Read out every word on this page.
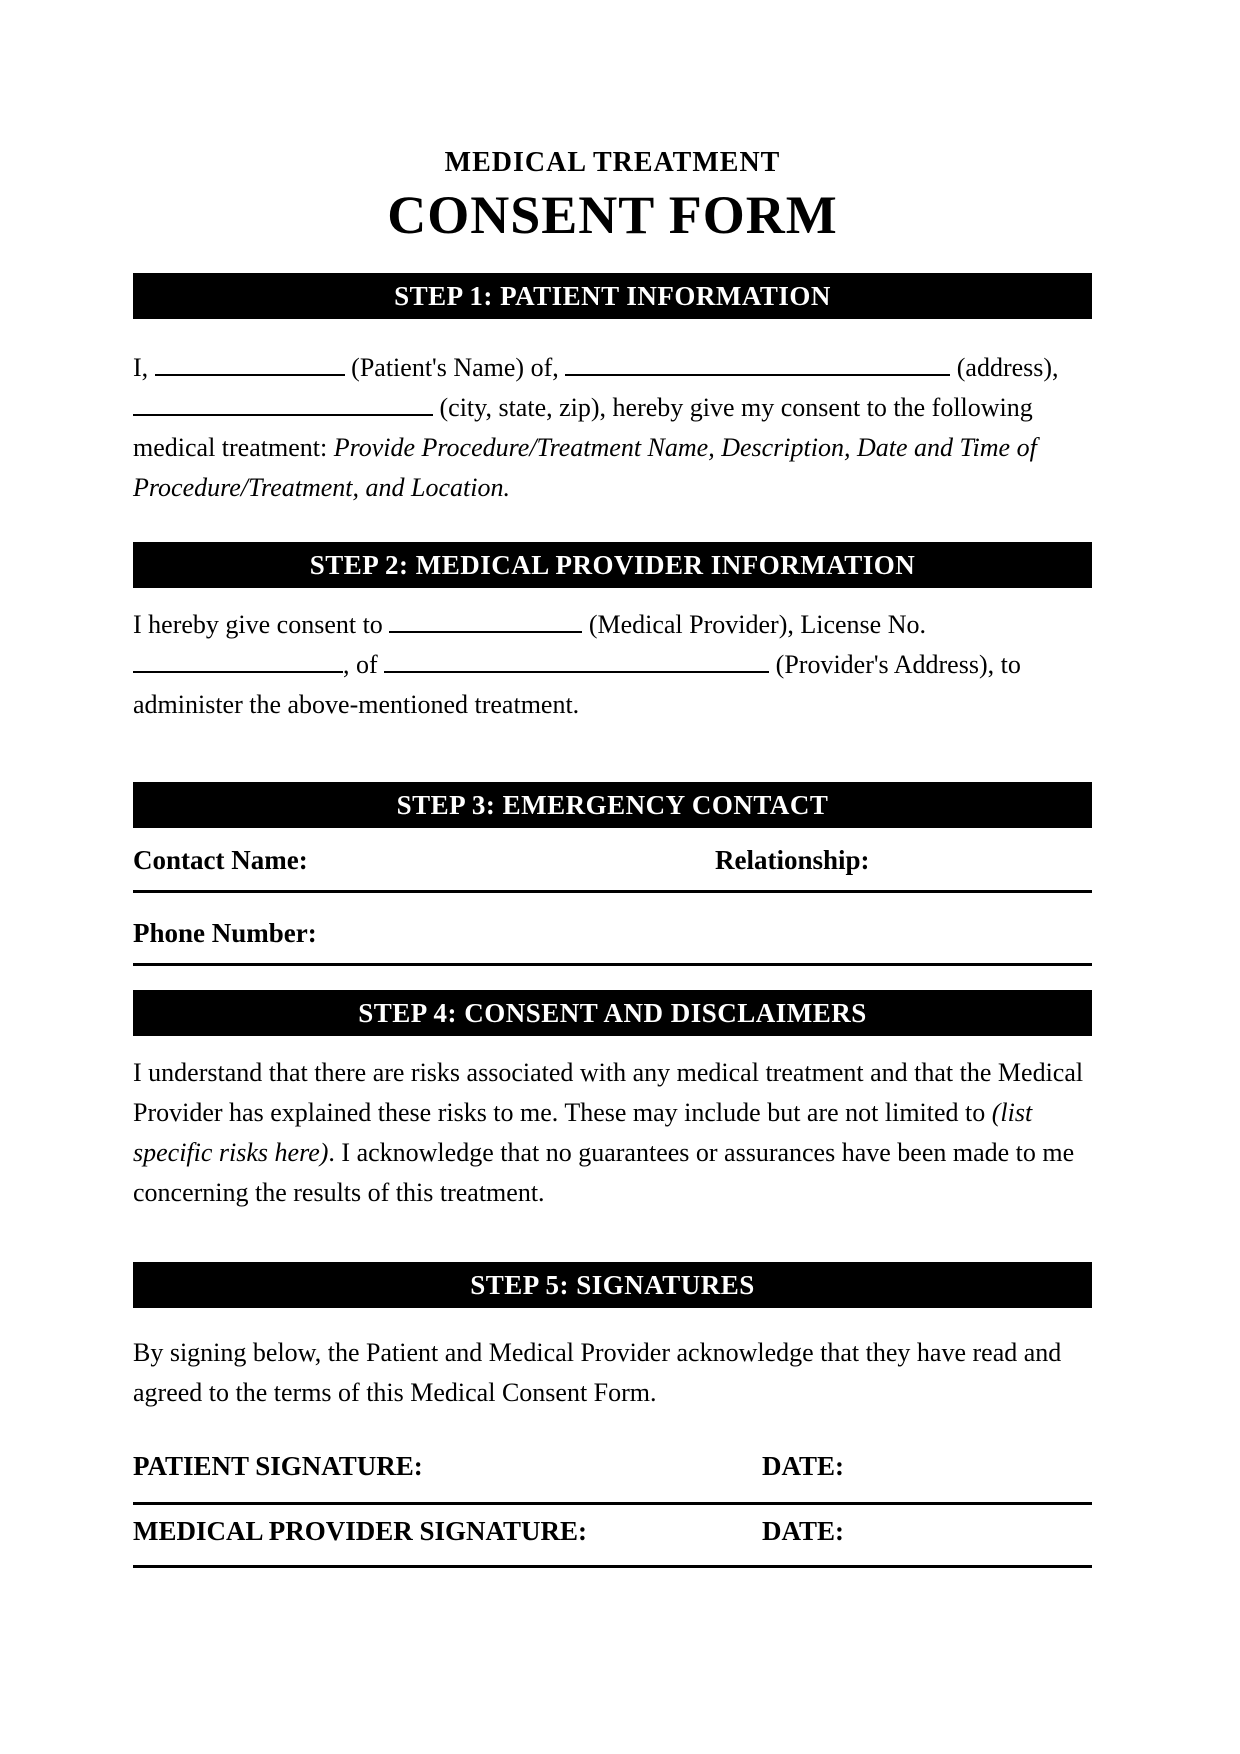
MEDICAL TREATMENT
CONSENT FORM
STEP 1: PATIENT INFORMATION
I,	(Patient's Name) of,	(address),  (city, state, zip), hereby give my consent to the following medical treatment: Provide Procedure/Treatment Name, Description, Date and Time of Procedure/Treatment, and Location.
STEP 2: MEDICAL PROVIDER INFORMATION
I hereby give consent to	(Medical Provider), License No. , of	(Provider's Address), to administer the above-mentioned treatment.
STEP 3: EMERGENCY CONTACT
Contact Name:	Relationship:
Phone Number:
STEP 4: CONSENT AND DISCLAIMERS
I understand that there are risks associated with any medical treatment and that the Medical Provider has explained these risks to me. These may include but are not limited to (list specific risks here). I acknowledge that no guarantees or assurances have been made to me concerning the results of this treatment.
STEP 5: SIGNATURES
By signing below, the Patient and Medical Provider acknowledge that they have read and agreed to the terms of this Medical Consent Form.
PATIENT SIGNATURE:	DATE:
MEDICAL PROVIDER SIGNATURE:	DATE:
